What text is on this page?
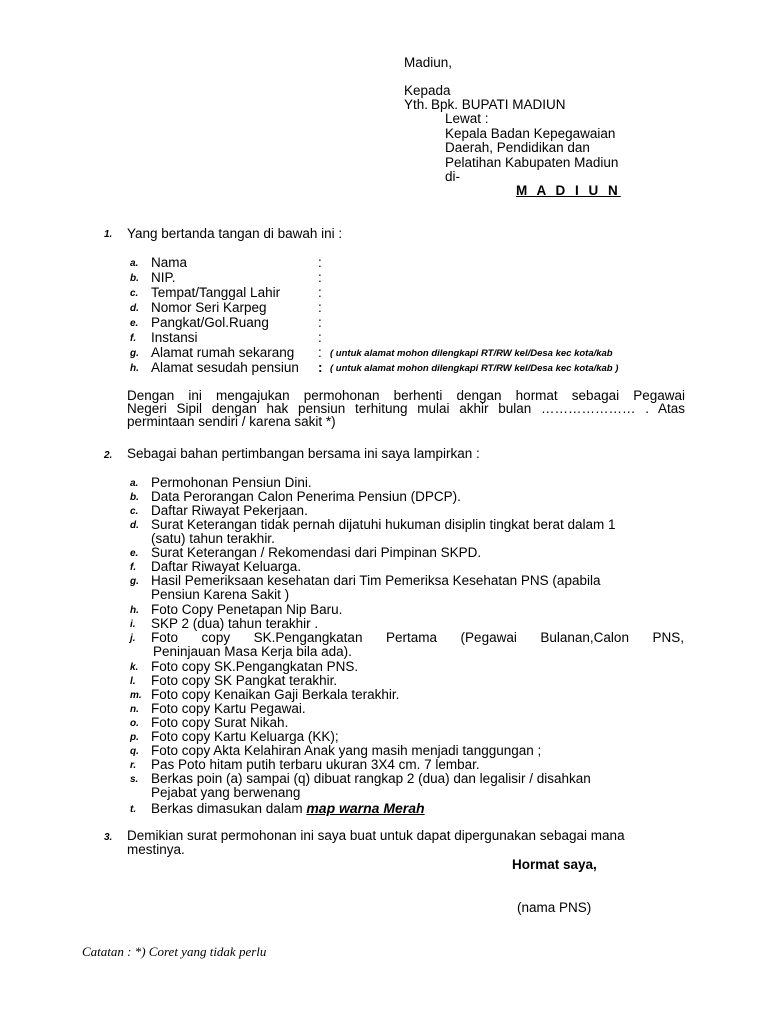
Madiun,
Kepada
Yth. Bpk. BUPATI MADIUN
Lewat :
Kepala Badan Kepegawaian
Daerah, Pendidikan dan
Pelatihan Kabupaten Madiun
di-
M A D I U N
1. Yang bertanda tangan di bawah ini :
a. Nama	:
b. NIP.	:
c. Tempat/Tanggal Lahir	:
d. Nomor Seri Karpeg	:
e. Pangkat/Gol.Ruang	:
f. Instansi	:
g. Alamat rumah sekarang : ( untuk alamat mohon dilengkapi RT/RW kel/Desa kec kota/kab
h. Alamat sesudah pensiun : ( untuk alamat mohon dilengkapi RT/RW kel/Desa kec kota/kab )
Dengan ini mengajukan permohonan berhenti dengan hormat sebagai Pegawai
Negeri Sipil dengan hak pensiun terhitung mulai akhir bulan ………………… . Atas
permintaan sendiri / karena sakit *)
2. Sebagai bahan pertimbangan bersama ini saya lampirkan :
a. Permohonan Pensiun Dini.
b. Data Perorangan Calon Penerima Pensiun (DPCP).
c. Daftar Riwayat Pekerjaan.
d. Surat Keterangan tidak pernah dijatuhi hukuman disiplin tingkat berat dalam 1
(satu) tahun terakhir.
e. Surat Keterangan / Rekomendasi dari Pimpinan SKPD.
f. Daftar Riwayat Keluarga.
g. Hasil Pemeriksaan kesehatan dari Tim Pemeriksa Kesehatan PNS (apabila
Pensiun Karena Sakit )
h. Foto Copy Penetapan Nip Baru.
i. SKP 2 (dua) tahun terakhir .
j. Foto copy SK.Pengangkatan Pertama (Pegawai Bulanan,Calon PNS,
Peninjauan Masa Kerja bila ada).
k. Foto copy SK.Pengangkatan PNS.
l. Foto copy SK Pangkat terakhir.
m. Foto copy Kenaikan Gaji Berkala terakhir.
n. Foto copy Kartu Pegawai.
o. Foto copy Surat Nikah.
p. Foto copy Kartu Keluarga (KK);
q. Foto copy Akta Kelahiran Anak yang masih menjadi tanggungan ;
r. Pas Poto hitam putih terbaru ukuran 3X4 cm. 7 lembar.
s. Berkas poin (a) sampai (q) dibuat rangkap 2 (dua) dan legalisir / disahkan
Pejabat yang berwenang
t. Berkas dimasukan dalam map warna Merah
3. Demikian surat permohonan ini saya buat untuk dapat dipergunakan sebagai mana
mestinya.
Hormat saya,
(nama PNS)
Catatan : *) Coret yang tidak perlu
